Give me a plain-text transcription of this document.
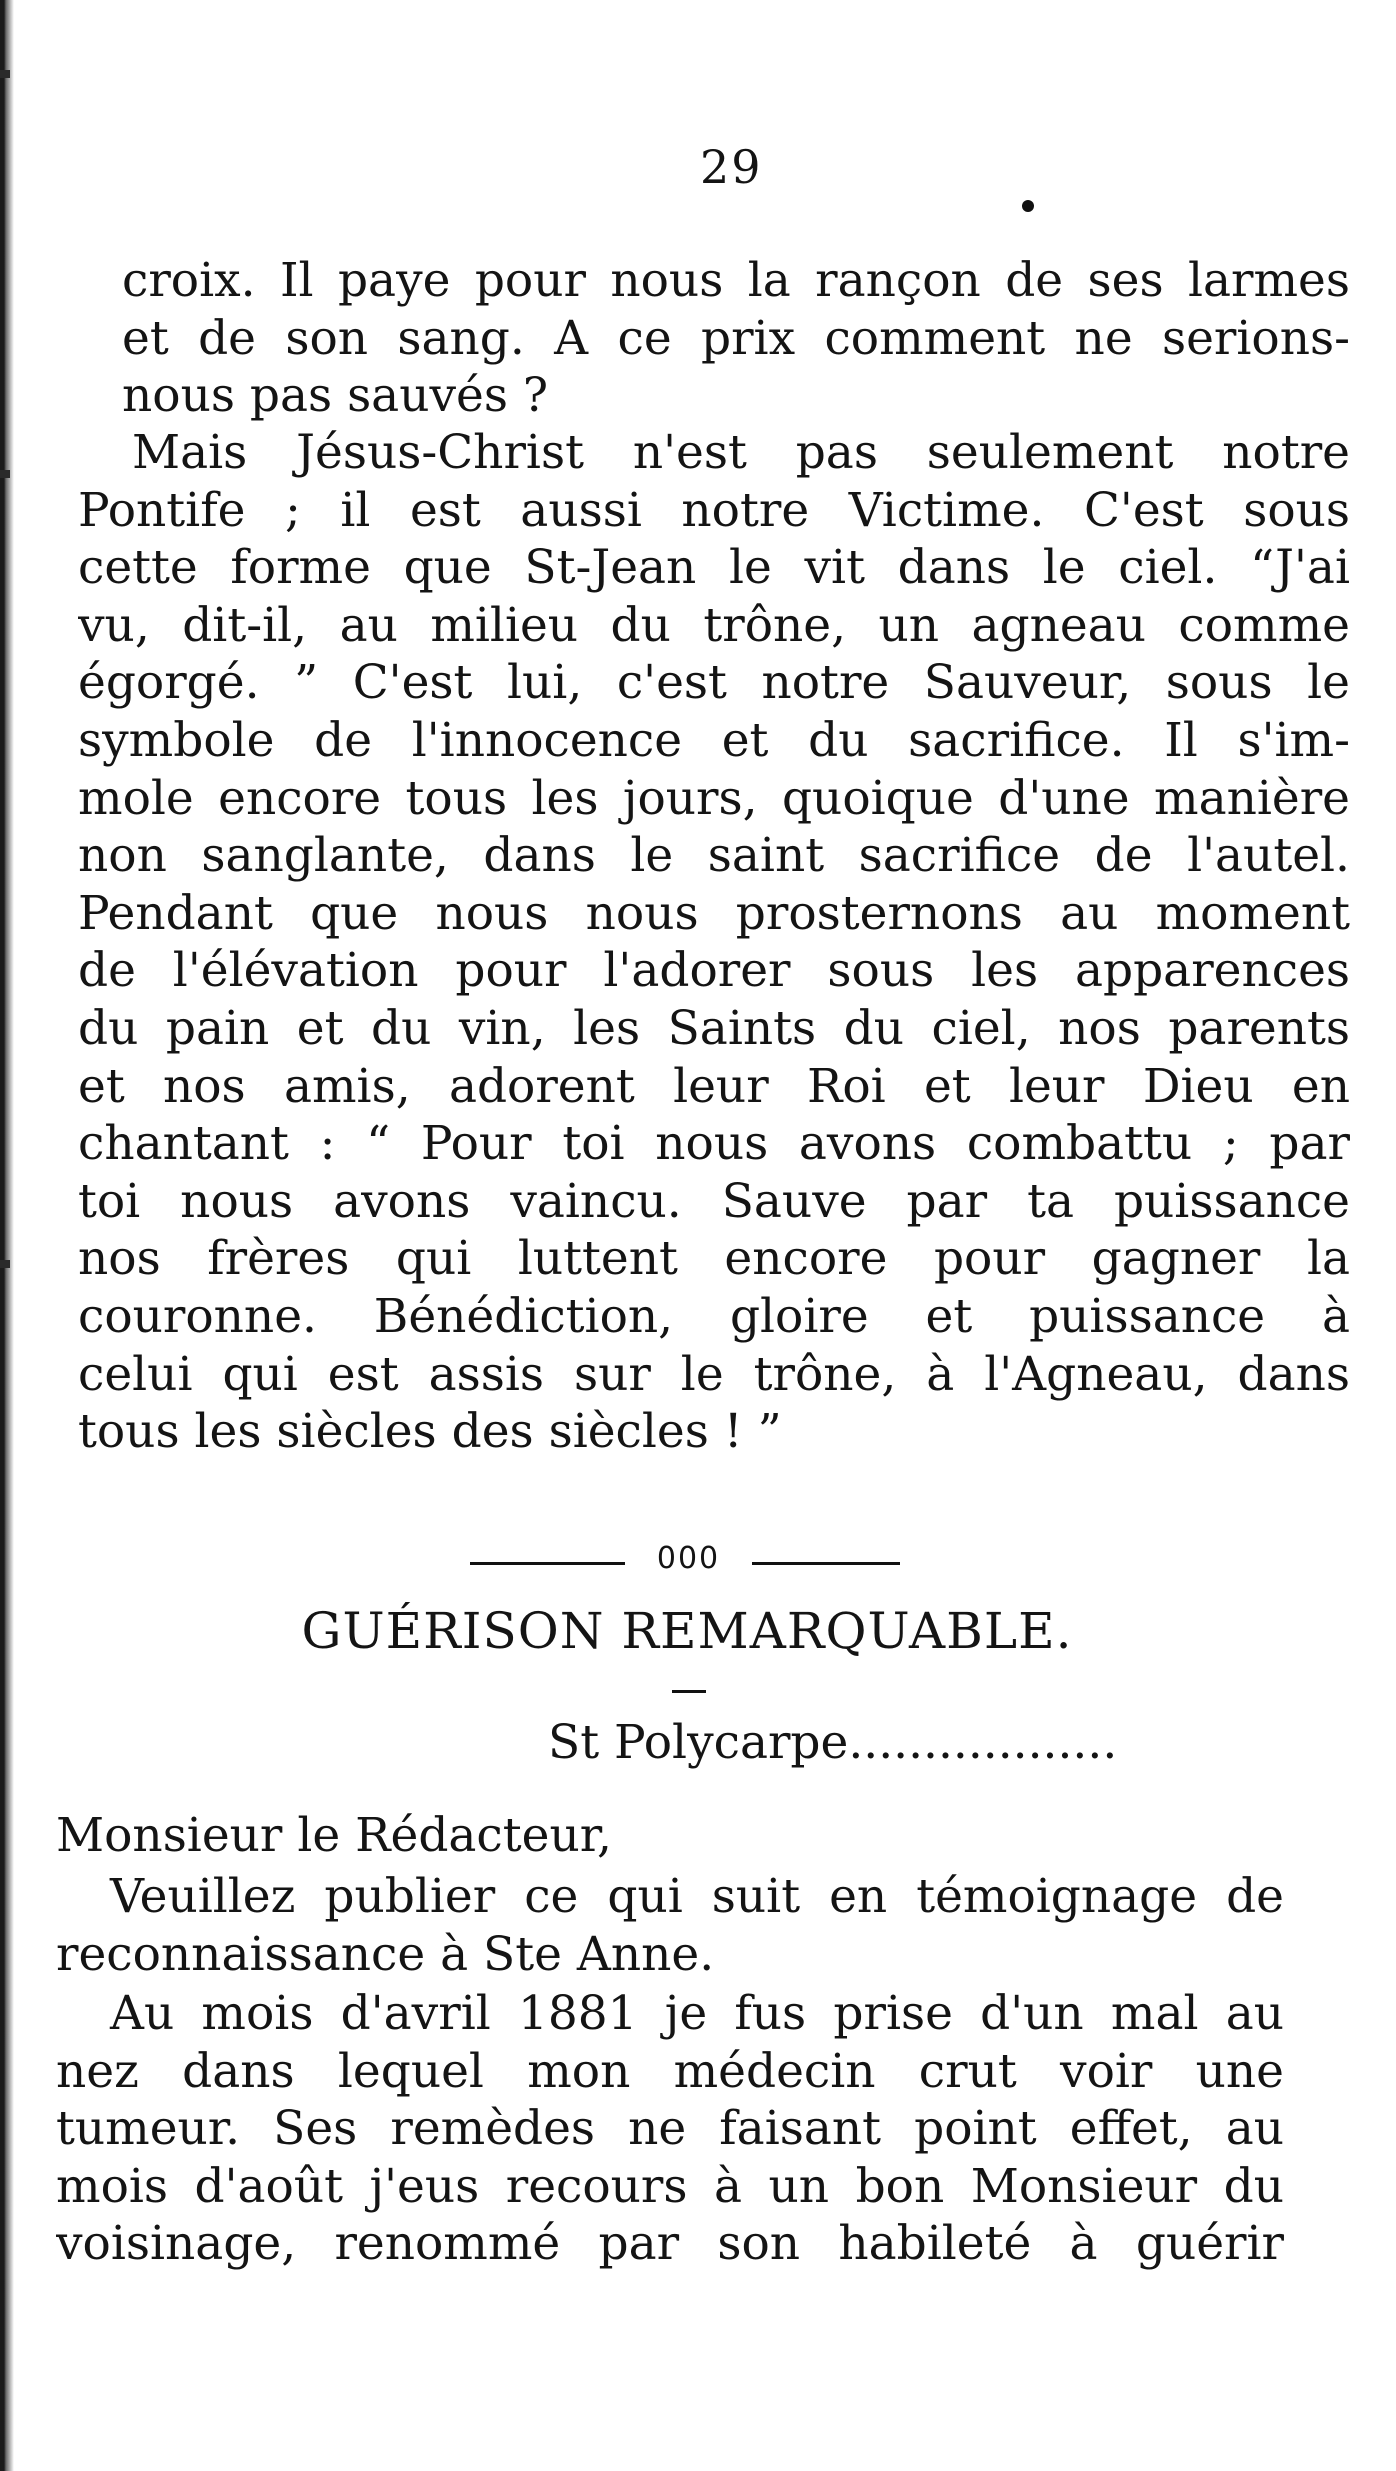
29
croix. Il paye pour nous la rançon de ses larmes
et de son sang. A ce prix comment ne serions-
nous pas sauvés ?
Mais Jésus-Christ n'est pas seulement notre
Pontife ; il est aussi notre Victime. C'est sous
cette forme que St-Jean le vit dans le ciel. “J'ai
vu, dit-il, au milieu du trône, un agneau comme
égorgé. ” C'est lui, c'est notre Sauveur, sous le
symbole de l'innocence et du sacrifice. Il s'im-
mole encore tous les jours, quoique d'une manière
non sanglante, dans le saint sacrifice de l'autel.
Pendant que nous nous prosternons au moment
de l'élévation pour l'adorer sous les apparences
du pain et du vin, les Saints du ciel, nos parents
et nos amis, adorent leur Roi et leur Dieu en
chantant : “ Pour toi nous avons combattu ; par
toi nous avons vaincu. Sauve par ta puissance
nos frères qui luttent encore pour gagner la
couronne. Bénédiction, gloire et puissance à
celui qui est assis sur le trône, à l'Agneau, dans
tous les siècles des siècles ! ”
000
GUÉRISON REMARQUABLE.
St Polycarpe..................
Monsieur le Rédacteur,
Veuillez publier ce qui suit en témoignage de
reconnaissance à Ste Anne.
Au mois d'avril 1881 je fus prise d'un mal au
nez dans lequel mon médecin crut voir une
tumeur. Ses remèdes ne faisant point effet, au
mois d'août j'eus recours à un bon Monsieur du
voisinage, renommé par son habileté à guérir
